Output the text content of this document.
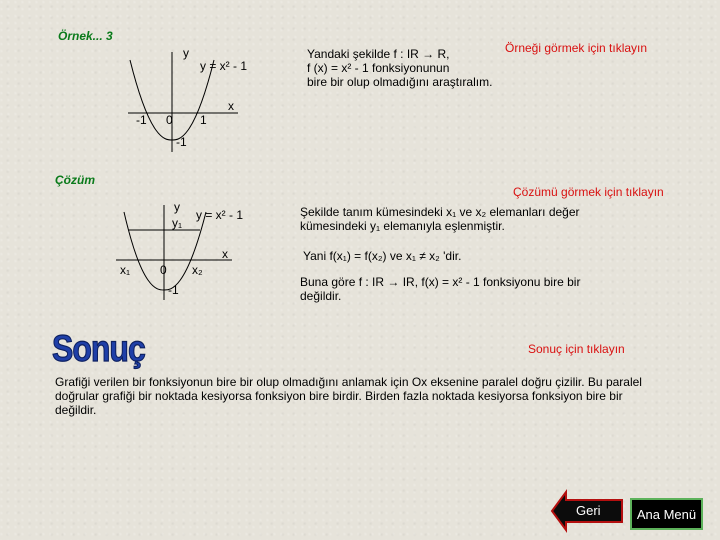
Örnek... 3
Sonuç
y
y = x² - 1
x
-1 0 1
-1
Örneği görmek için tıklayın
Yandaki şekilde f : IR → R,
f (x) = x² - 1 fonksiyonunun
bire bir olup olmadığını araştıralım.
Çözüm
y
y₁
y = x² - 1
x
x₁ 0 x₂
-1
Çözümü görmek için tıklayın
Şekilde tanım kümesindeki x₁ ve x₂ elemanları değer
kümesindeki y₁ elemanıyla eşlenmiştir.
Yani f(x₁) = f(x₂) ve x₁ ≠ x₂ 'dir.
Buna göre f : IR → IR, f(x) = x² - 1 fonksiyonu bire bir
değildir.
Sonuç için tıklayın
Grafiği verilen bir fonksiyonun bire bir olup olmadığını anlamak için Ox eksenine paralel doğru çizilir. Bu paralel doğrular grafiği bir noktada kesiyorsa fonksiyon bire birdir. Birden fazla noktada kesiyorsa fonksiyon bire bir değildir.
Geri	Ana Menü
